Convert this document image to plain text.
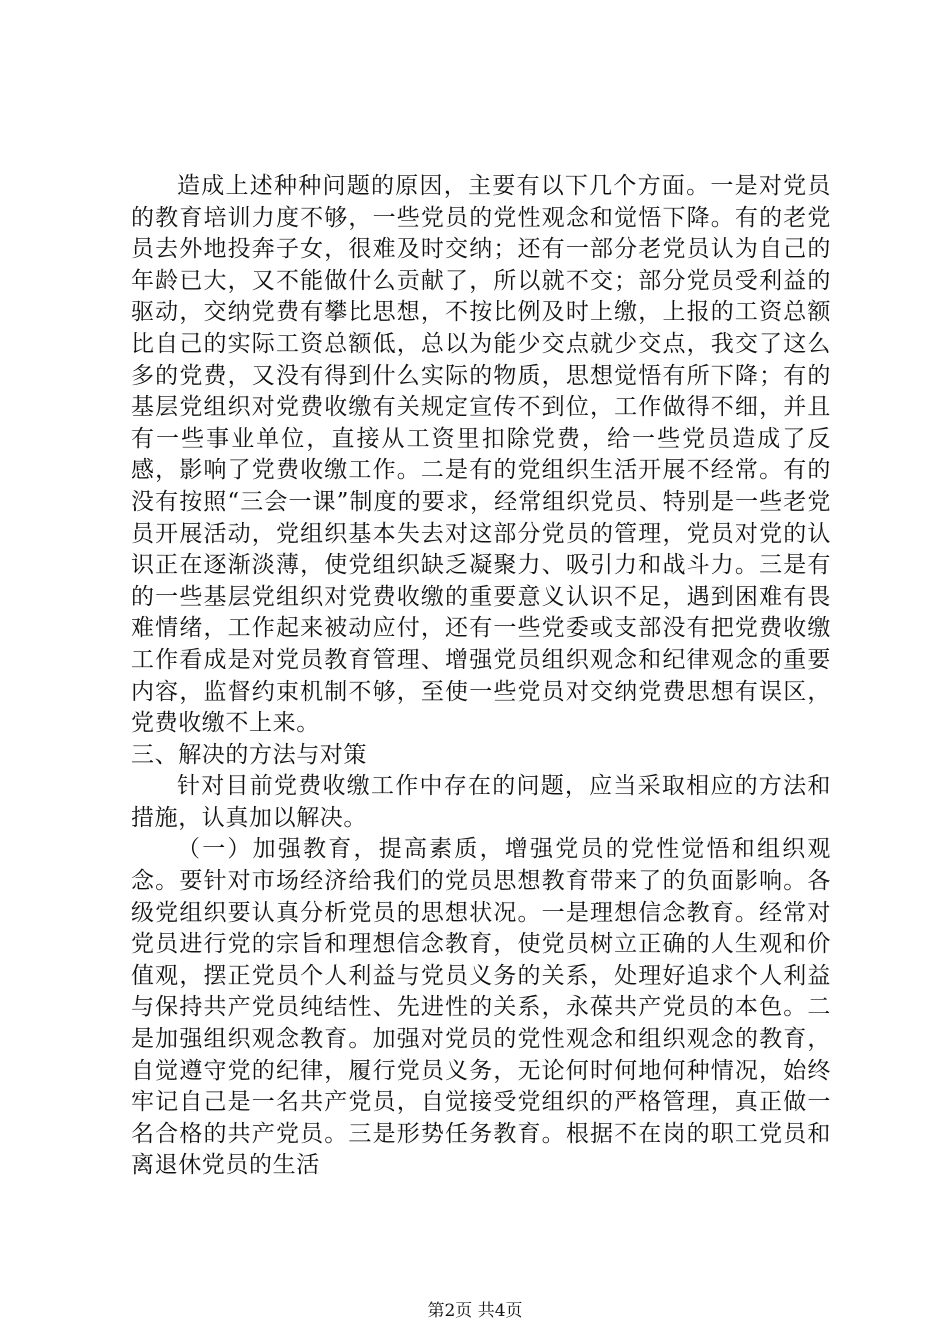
造成上述种种问题的原因，主要有以下几个方面。一是对党员的教育培训力度不够，一些党员的党性观念和觉悟下降。有的老党员去外地投奔子女，很难及时交纳；还有一部分老党员认为自己的年龄已大，又不能做什么贡献了，所以就不交；部分党员受利益的驱动，交纳党费有攀比思想，不按比例及时上缴，上报的工资总额比自己的实际工资总额低，总以为能少交点就少交点，我交了这么多的党费，又没有得到什么实际的物质，思想觉悟有所下降；有的基层党组织对党费收缴有关规定宣传不到位，工作做得不细，并且有一些事业单位，直接从工资里扣除党费，给一些党员造成了反感，影响了党费收缴工作。二是有的党组织生活开展不经常。有的没有按照“三会一课”制度的要求，经常组织党员、特别是一些老党员开展活动，党组织基本失去对这部分党员的管理，党员对党的认识正在逐渐淡薄，使党组织缺乏凝聚力、吸引力和战斗力。三是有的一些基层党组织对党费收缴的重要意义认识不足，遇到困难有畏难情绪，工作起来被动应付，还有一些党委或支部没有把党费收缴工作看成是对党员教育管理、增强党员组织观念和纪律观念的重要内容，监督约束机制不够，至使一些党员对交纳党费思想有误区，党费收缴不上来。

三、解决的方法与对策

针对目前党费收缴工作中存在的问题，应当采取相应的方法和措施，认真加以解决。

（一）加强教育，提高素质，增强党员的党性觉悟和组织观念。要针对市场经济给我们的党员思想教育带来了的负面影响。各级党组织要认真分析党员的思想状况。一是理想信念教育。经常对党员进行党的宗旨和理想信念教育，使党员树立正确的人生观和价值观，摆正党员个人利益与党员义务的关系，处理好追求个人利益与保持共产党员纯结性、先进性的关系，永葆共产党员的本色。二是加强组织观念教育。加强对党员的党性观念和组织观念的教育，自觉遵守党的纪律，履行党员义务，无论何时何地何种情况，始终牢记自己是一名共产党员，自觉接受党组织的严格管理，真正做一名合格的共产党员。三是形势任务教育。根据不在岗的职工党员和离退休党员的生活

第2页 共4页
